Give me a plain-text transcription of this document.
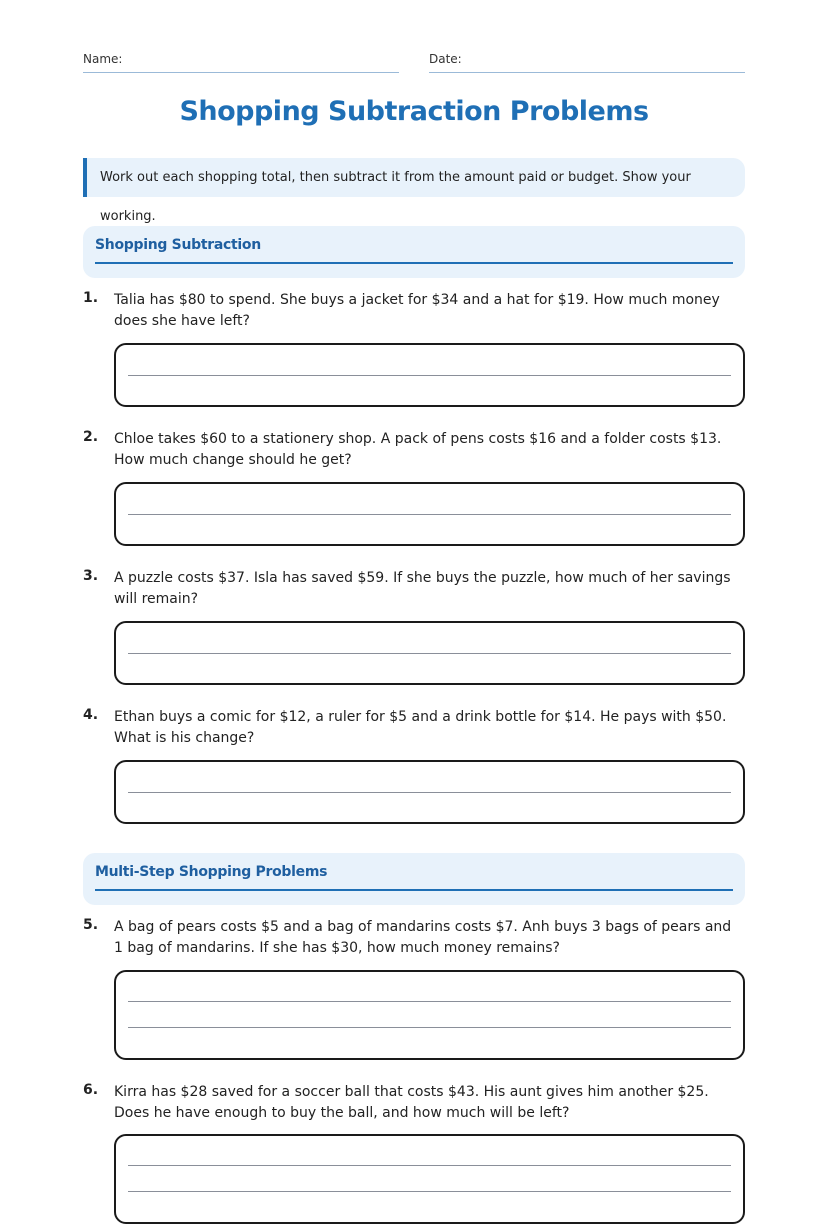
Name:	Date:
Shopping Subtraction Problems
Work out each shopping total, then subtract it from the amount paid or budget. Show your working.
Shopping Subtraction
1. Talia has $80 to spend. She buys a jacket for $34 and a hat for $19. How much money does she have left?
2. Chloe takes $60 to a stationery shop. A pack of pens costs $16 and a folder costs $13. How much change should he get?
3. A puzzle costs $37. Isla has saved $59. If she buys the puzzle, how much of her savings will remain?
4. Ethan buys a comic for $12, a ruler for $5 and a drink bottle for $14. He pays with $50. What is his change?
Multi-Step Shopping Problems
5. A bag of pears costs $5 and a bag of mandarins costs $7. Anh buys 3 bags of pears and 1 bag of mandarins. If she has $30, how much money remains?
6. Kirra has $28 saved for a soccer ball that costs $43. His aunt gives him another $25. Does he have enough to buy the ball, and how much will be left?
